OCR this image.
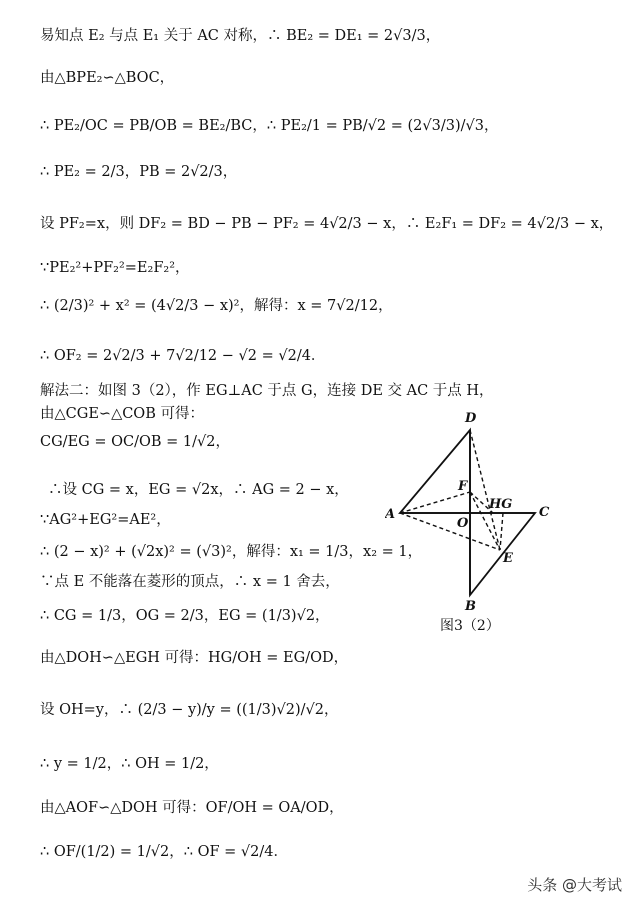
易知点 E₂ 与点 E₁ 关于 AC 对称，∴ BE₂ = DE₁ = 2√3/3，
由△BPE₂∽△BOC，
∴ PE₂/OC = PB/OB = BE₂/BC，∴ PE₂/1 = PB/√2 = (2√3/3)/√3，
∴ PE₂ = 2/3，PB = 2√2/3，
设 PF₂=x，则 DF₂ = BD − PB − PF₂ = 4√2/3 − x，∴ E₂F₁ = DF₂ = 4√2/3 − x，
∵PE₂²+PF₂²=E₂F₂²，
∴ (2/3)² + x² = (4√2/3 − x)²，解得：x = 7√2/12，
∴ OF₂ = 2√2/3 + 7√2/12 − √2 = √2/4．
解法二：如图 3（2），作 EG⊥AC 于点 G，连接 DE 交 AC 于点 H，
由△CGE∽△COB 可得：
CG/EG = OC/OB = 1/√2，
∴设 CG = x，EG = √2x，∴ AG = 2 − x，
∵AG²+EG²=AE²，
∴ (2 − x)² + (√2x)² = (√3)²，解得：x₁ = 1/3，x₂ = 1，
∵点 E 不能落在菱形的顶点，∴ x = 1 舍去，
∴ CG = 1/3，OG = 2/3，EG = (1/3)√2，
由△DOH∽△EGH 可得：HG/OH = EG/OD，
设 OH=y，∴ (2/3 − y)/y = ((1/3)√2)/√2，
∴ y = 1/2，∴ OH = 1/2，
由△AOF∽△DOH 可得：OF/OH = OA/OD，
∴ OF/(1/2) = 1/√2，∴ OF = √2/4．
D
A	C
B
O
F
HG
E
图3（2）
头条 @大考试
